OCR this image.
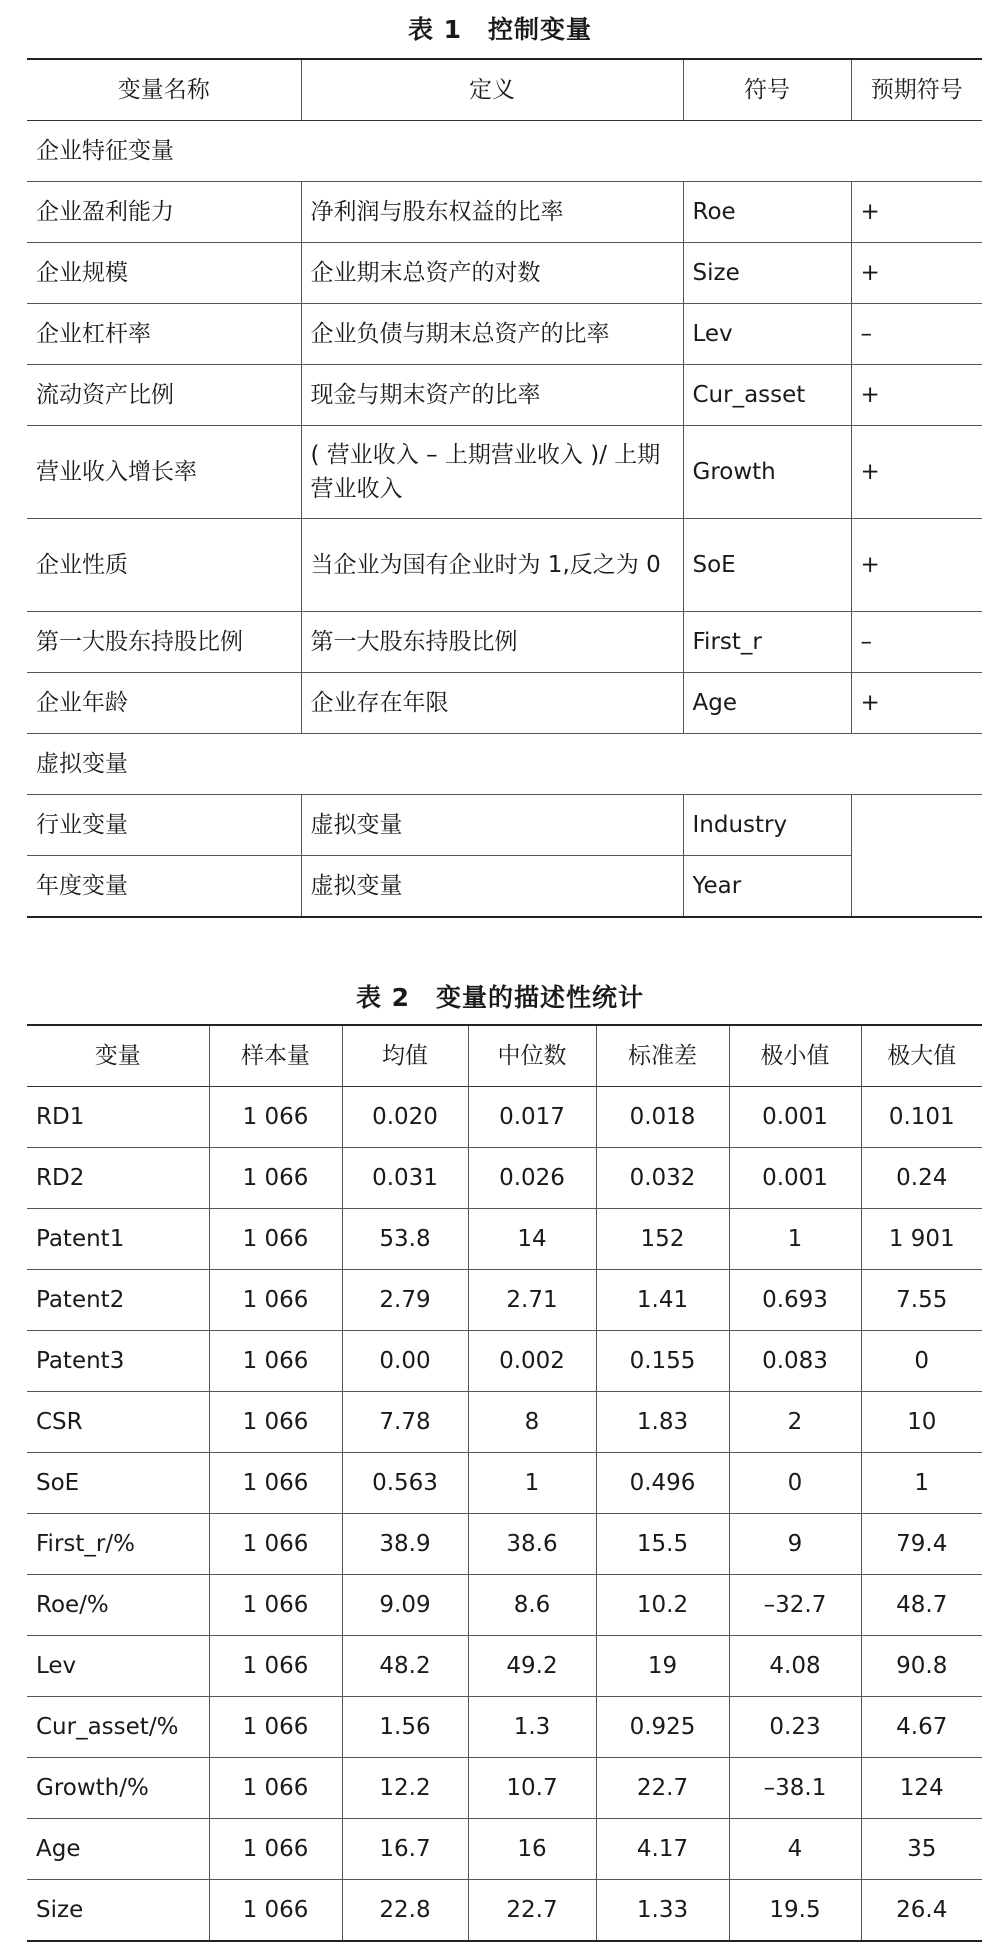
表 1　控制变量
变量名称	定义	符号	预期符号
企业特征变量			
企业盈利能力	净利润与股东权益的比率	Roe	+
企业规模	企业期末总资产的对数	Size	+
企业杠杆率	企业负债与期末总资产的比率	Lev	–
流动资产比例	现金与期末资产的比率	Cur_asset	+
营业收入增长率	( 营业收入 – 上期营业收入 )/ 上期营业收入	Growth	+
企业性质	当企业为国有企业时为 1,反之为 0	SoE	+
第一大股东持股比例	第一大股东持股比例	First_r	–
企业年龄	企业存在年限	Age	+
虚拟变量			
行业变量	虚拟变量	Industry	
年度变量	虚拟变量	Year	
表 2　变量的描述性统计
变量	样本量	均值	中位数	标准差	极小值	极大值
RD1	1 066	0.020	0.017	0.018	0.001	0.101
RD2	1 066	0.031	0.026	0.032	0.001	0.24
Patent1	1 066	53.8	14	152	1	1 901
Patent2	1 066	2.79	2.71	1.41	0.693	7.55
Patent3	1 066	0.00	0.002	0.155	0.083	0
CSR	1 066	7.78	8	1.83	2	10
SoE	1 066	0.563	1	0.496	0	1
First_r/%	1 066	38.9	38.6	15.5	9	79.4
Roe/%	1 066	9.09	8.6	10.2	–32.7	48.7
Lev	1 066	48.2	49.2	19	4.08	90.8
Cur_asset/%	1 066	1.56	1.3	0.925	0.23	4.67
Growth/%	1 066	12.2	10.7	22.7	–38.1	124
Age	1 066	16.7	16	4.17	4	35
Size	1 066	22.8	22.7	1.33	19.5	26.4
